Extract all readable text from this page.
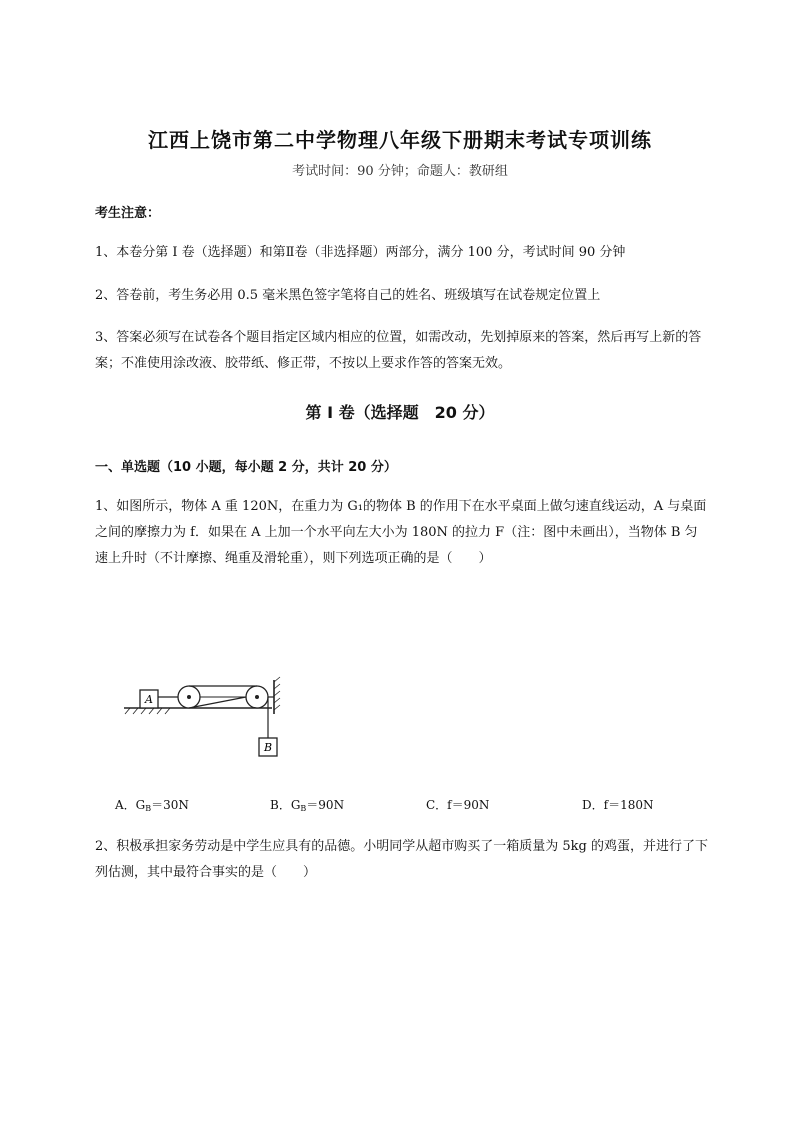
江西上饶市第二中学物理八年级下册期末考试专项训练
考试时间：90 分钟；命题人：教研组
考生注意：
1、本卷分第 I 卷（选择题）和第Ⅱ卷（非选择题）两部分，满分 100 分，考试时间 90 分钟
2、答卷前，考生务必用 0.5 毫米黑色签字笔将自己的姓名、班级填写在试卷规定位置上
3、答案必须写在试卷各个题目指定区域内相应的位置，如需改动，先划掉原来的答案，然后再写上新的答案；不准使用涂改液、胶带纸、修正带，不按以上要求作答的答案无效。
第 I 卷（选择题　20 分）
一、单选题（10 小题，每小题 2 分，共计 20 分）
1、如图所示，物体 A 重 120N，在重力为 G₁的物体 B 的作用下在水平桌面上做匀速直线运动，A 与桌面之间的摩擦力为 f．如果在 A 上加一个水平向左大小为 180N 的拉力 F（注：图中未画出），当物体 B 匀速上升时（不计摩擦、绳重及滑轮重），则下列选项正确的是（　　）
A
B
A．$G_B=30N$	B．$G_B=90N$	C．f＝90N	D．f＝180N
2、积极承担家务劳动是中学生应具有的品德。小明同学从超市购买了一箱质量为 5kg 的鸡蛋，并进行了下列估测，其中最符合事实的是（　　）
